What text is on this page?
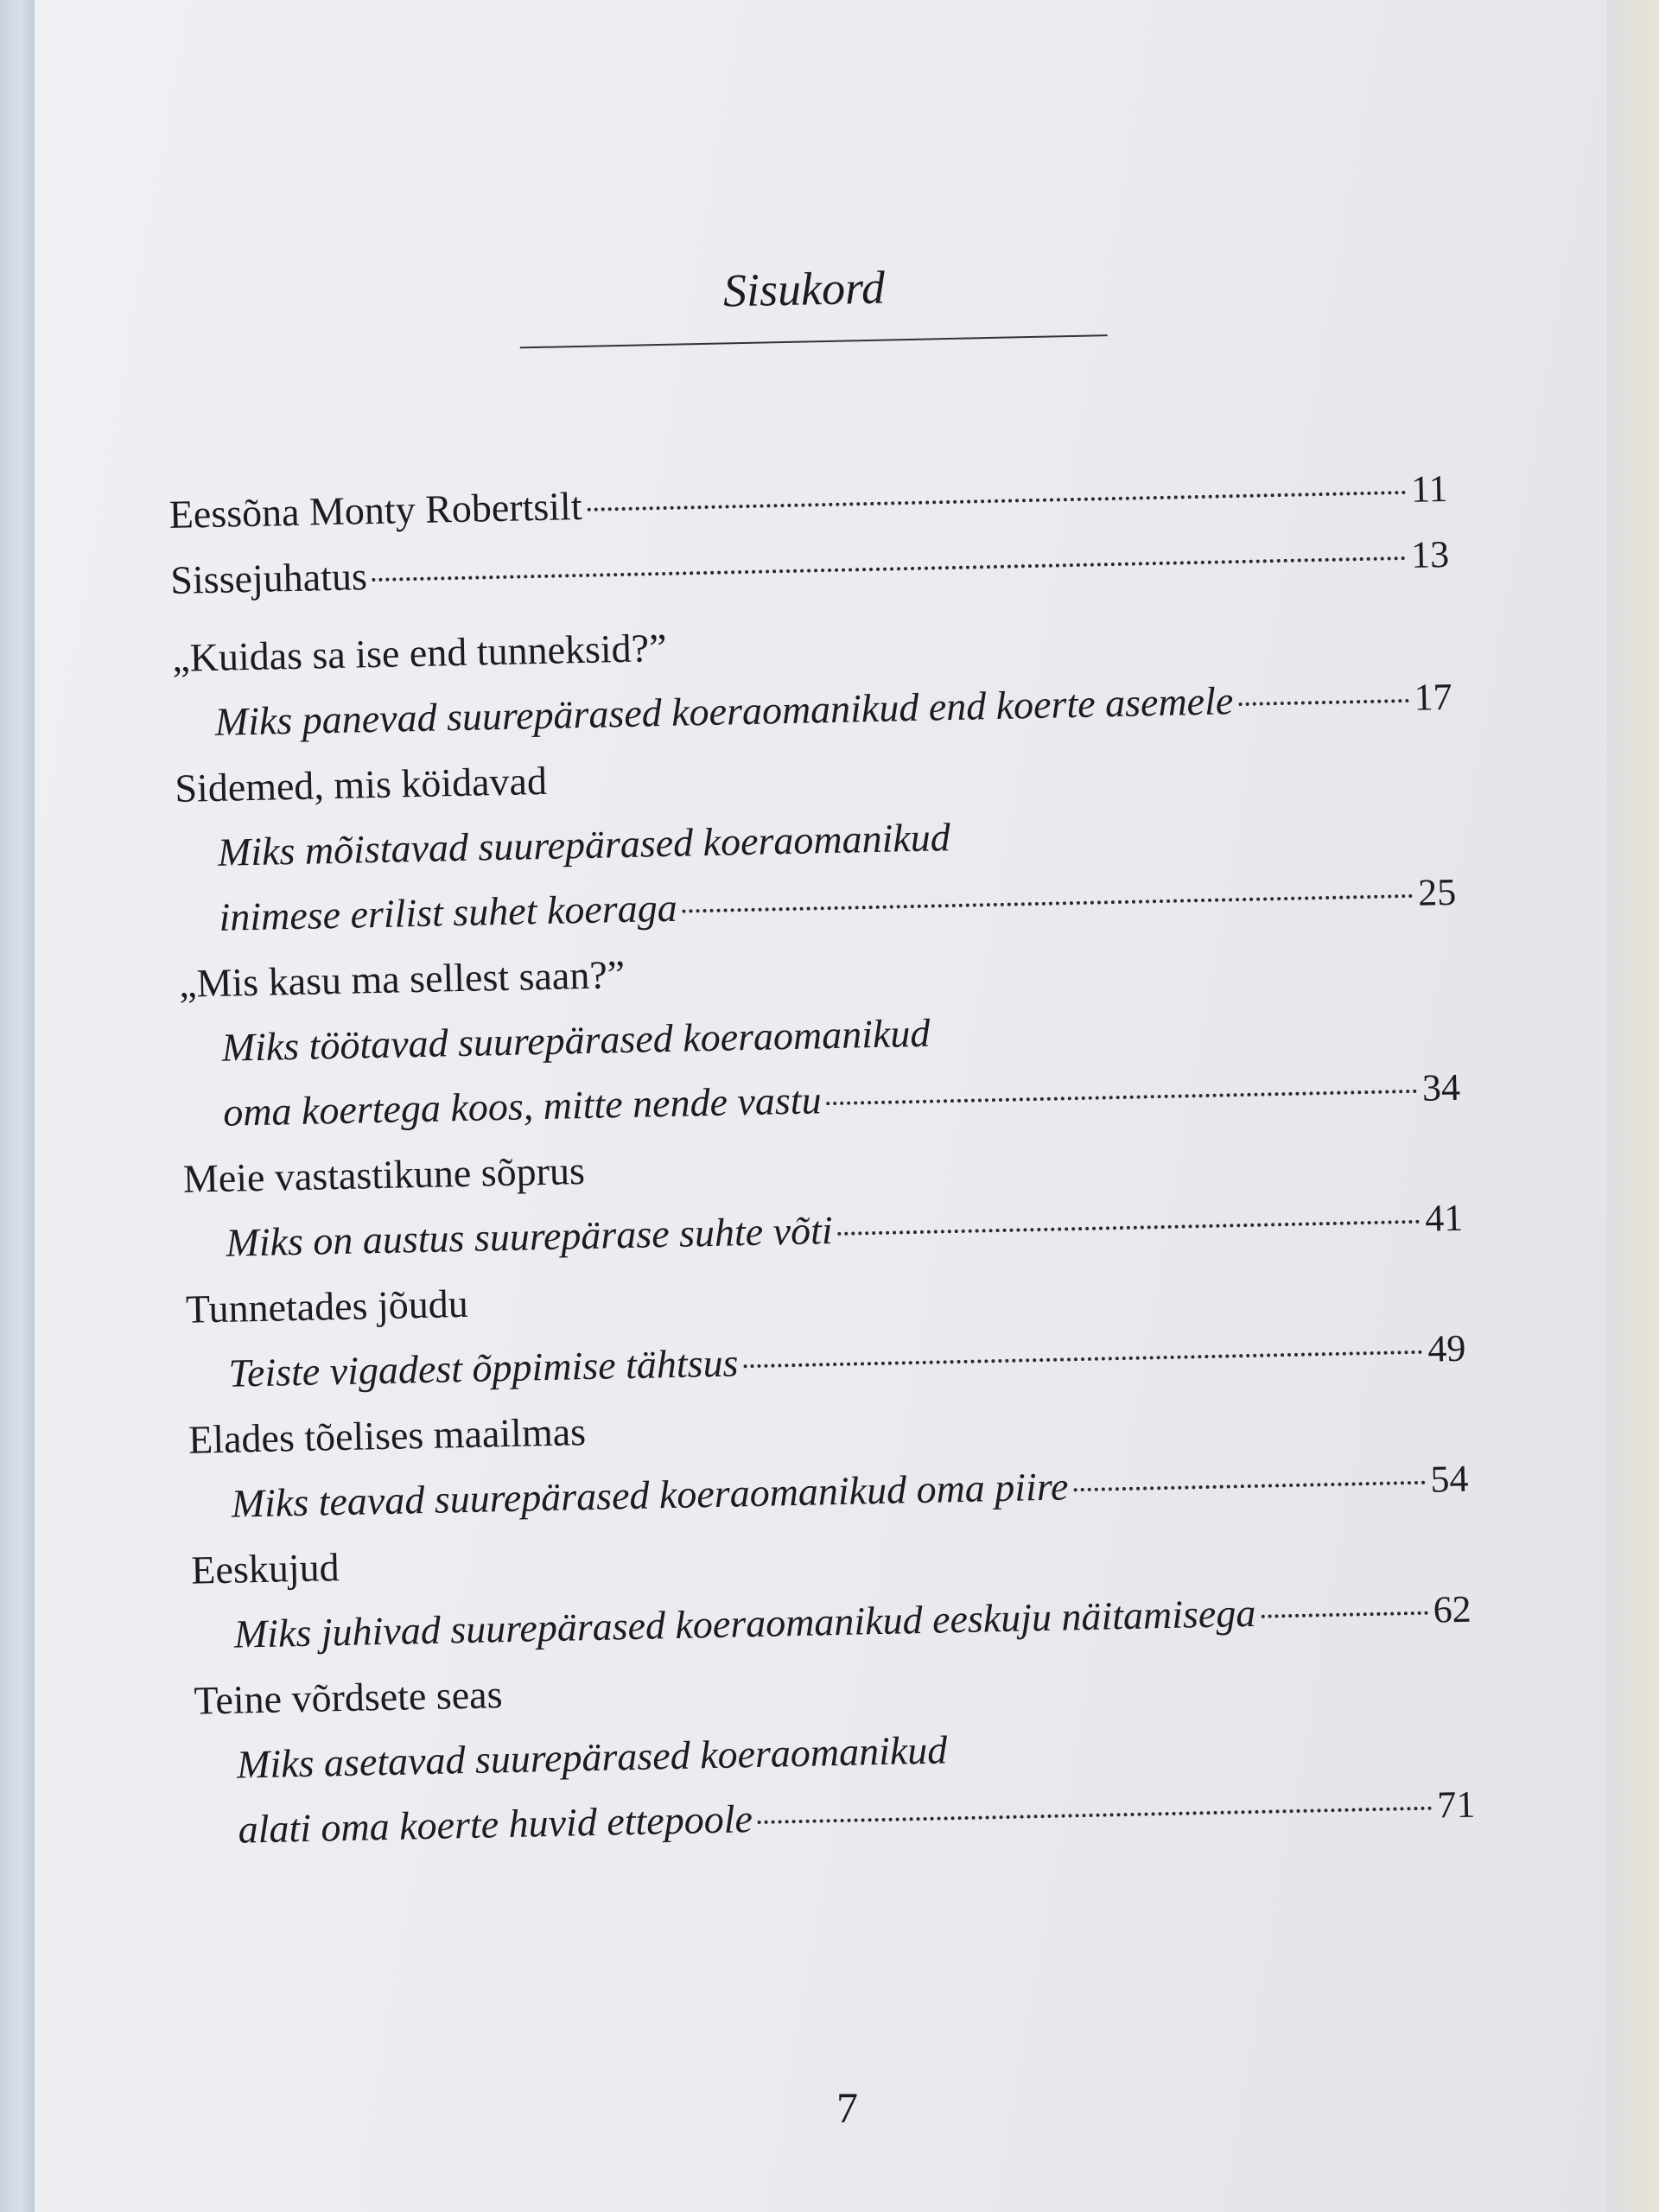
Sisukord
Eessõna Monty Robertsilt	11
Sissejuhatus	13
„Kuidas sa ise end tunneksid?”
Miks panevad suurepärased koeraomanikud end koerte asemele	17
Sidemed, mis köidavad
Miks mõistavad suurepärased koeraomanikud
inimese erilist suhet koeraga	25
„Mis kasu ma sellest saan?”
Miks töötavad suurepärased koeraomanikud
oma koertega koos, mitte nende vastu	34
Meie vastastikune sõprus
Miks on austus suurepärase suhte võti	41
Tunnetades jõudu
Teiste vigadest õppimise tähtsus	49
Elades tõelises maailmas
Miks teavad suurepärased koeraomanikud oma piire	54
Eeskujud
Miks juhivad suurepärased koeraomanikud eeskuju näitamisega	62
Teine võrdsete seas
Miks asetavad suurepärased koeraomanikud
alati oma koerte huvid ettepoole	71
7
